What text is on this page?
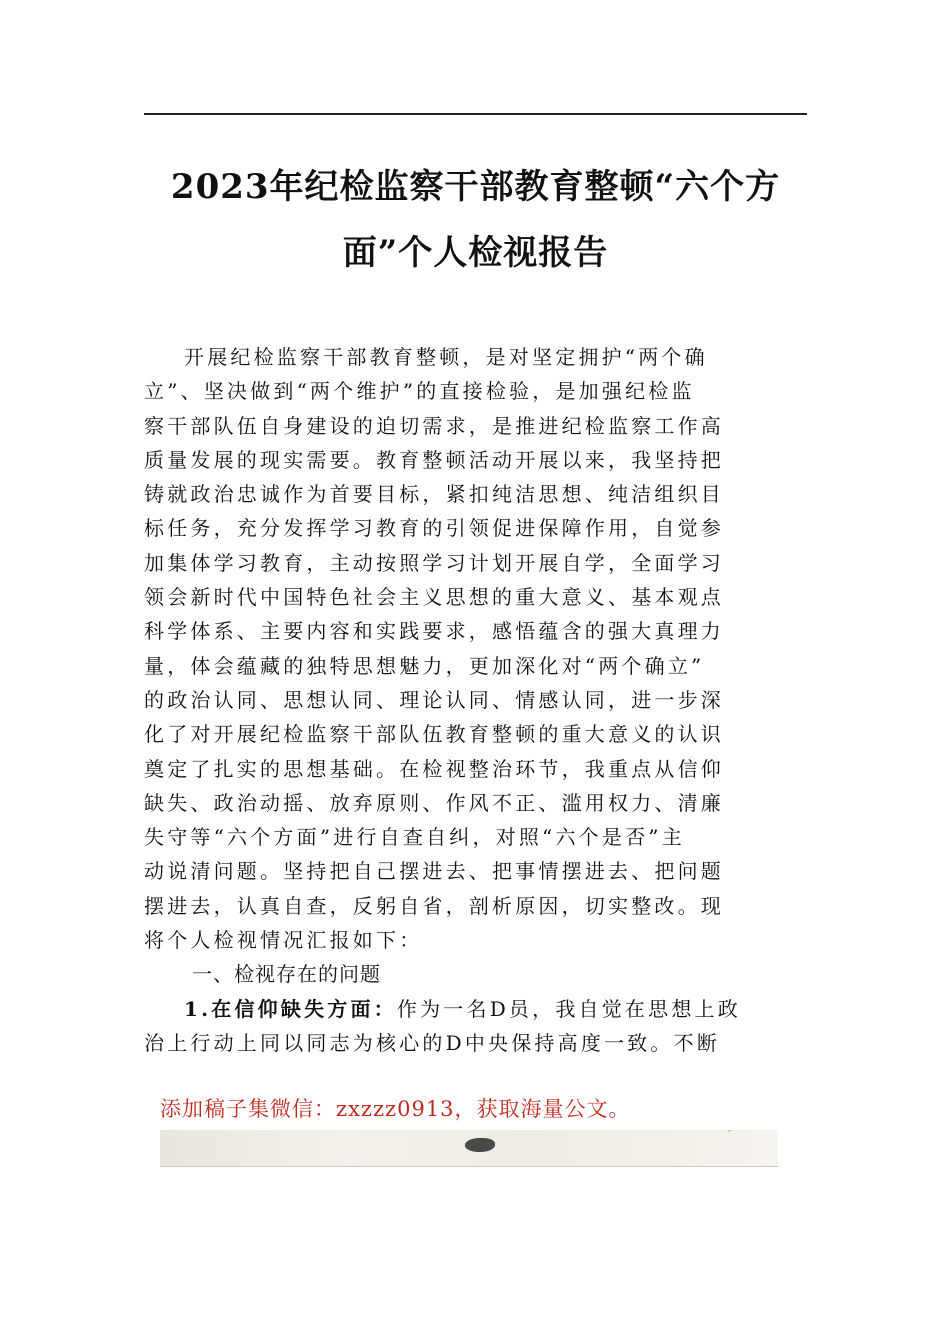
2023年纪检监察干部教育整顿“六个方
面”个人检视报告

开展纪检监察干部教育整顿，是对坚定拥护“两个确
立”、坚决做到“两个维护”的直接检验，是加强纪检监
察干部队伍自身建设的迫切需求，是推进纪检监察工作高
质量发展的现实需要。教育整顿活动开展以来，我坚持把
铸就政治忠诚作为首要目标，紧扣纯洁思想、纯洁组织目
标任务，充分发挥学习教育的引领促进保障作用，自觉参
加集体学习教育，主动按照学习计划开展自学，全面学习
领会新时代中国特色社会主义思想的重大意义、基本观点
科学体系、主要内容和实践要求，感悟蕴含的强大真理力
量，体会蕴藏的独特思想魅力，更加深化对“两个确立”
的政治认同、思想认同、理论认同、情感认同，进一步深
化了对开展纪检监察干部队伍教育整顿的重大意义的认识
奠定了扎实的思想基础。在检视整治环节，我重点从信仰
缺失、政治动摇、放弃原则、作风不正、滥用权力、清廉
失守等“六个方面”进行自查自纠，对照“六个是否”主
动说清问题。坚持把自己摆进去、把事情摆进去、把问题
摆进去，认真自查，反躬自省，剖析原因，切实整改。现
将个人检视情况汇报如下：

一、检视存在的问题

1.在信仰缺失方面：作为一名D员，我自觉在思想上政
治上行动上同以同志为核心的D中央保持高度一致。不断

添加稿子集微信：zxzzz0913，获取海量公文。
